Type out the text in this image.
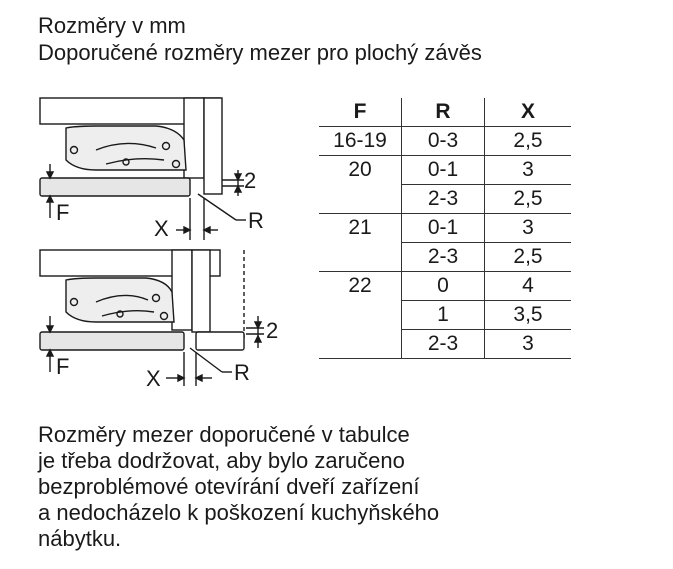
Rozměry v mm
Doporučené rozměry mezer pro plochý závěs
F
X	R
2
F	X	R
2
F	R	X
16-19	0-3	2,5
20	0-1	3
	2-3	2,5
21	0-1	3
	2-3	2,5
22	0	4
	1	3,5
	2-3	3
Rozměry mezer doporučené v tabulce
je třeba dodržovat, aby bylo zaručeno
bezproblémové otevírání dveří zařízení
a nedocházelo k poškození kuchyňského
nábytku.
